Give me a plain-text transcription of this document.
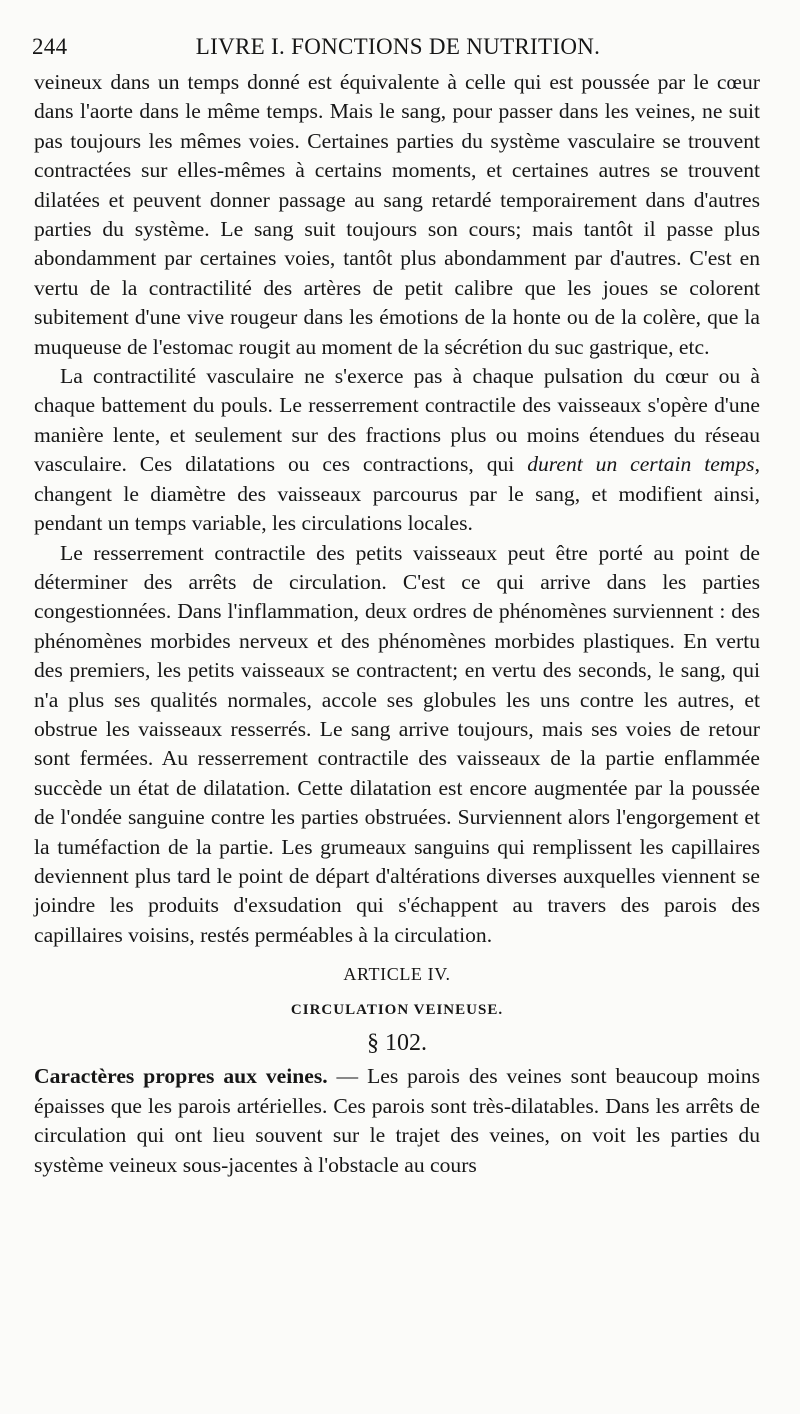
244	LIVRE I. FONCTIONS DE NUTRITION.

veineux dans un temps donné est équivalente à celle qui est poussée par le cœur dans l'aorte dans le même temps. Mais le sang, pour passer dans les veines, ne suit pas toujours les mêmes voies. Certaines parties du système vasculaire se trouvent contractées sur elles-mêmes à certains moments, et certaines autres se trouvent dilatées et peuvent donner passage au sang retardé temporairement dans d'autres parties du système. Le sang suit toujours son cours; mais tantôt il passe plus abondamment par certaines voies, tantôt plus abondamment par d'autres. C'est en vertu de la contractilité des artères de petit calibre que les joues se colorent subitement d'une vive rougeur dans les émotions de la honte ou de la colère, que la muqueuse de l'estomac rougit au moment de la sécrétion du suc gastrique, etc.

La contractilité vasculaire ne s'exerce pas à chaque pulsation du cœur ou à chaque battement du pouls. Le resserrement contractile des vaisseaux s'opère d'une manière lente, et seulement sur des fractions plus ou moins étendues du réseau vasculaire. Ces dilatations ou ces contractions, qui durent un certain temps, changent le diamètre des vaisseaux parcourus par le sang, et modifient ainsi, pendant un temps variable, les circulations locales.

Le resserrement contractile des petits vaisseaux peut être porté au point de déterminer des arrêts de circulation. C'est ce qui arrive dans les parties congestionnées. Dans l'inflammation, deux ordres de phénomènes surviennent : des phénomènes morbides nerveux et des phénomènes morbides plastiques. En vertu des premiers, les petits vaisseaux se contractent; en vertu des seconds, le sang, qui n'a plus ses qualités normales, accole ses globules les uns contre les autres, et obstrue les vaisseaux resserrés. Le sang arrive toujours, mais ses voies de retour sont fermées. Au resserrement contractile des vaisseaux de la partie enflammée succède un état de dilatation. Cette dilatation est encore augmentée par la poussée de l'ondée sanguine contre les parties obstruées. Surviennent alors l'engorgement et la tuméfaction de la partie. Les grumeaux sanguins qui remplissent les capillaires deviennent plus tard le point de départ d'altérations diverses auxquelles viennent se joindre les produits d'exsudation qui s'échappent au travers des parois des capillaires voisins, restés perméables à la circulation.

ARTICLE IV.
CIRCULATION VEINEUSE.
§ 102.

Caractères propres aux veines. — Les parois des veines sont beaucoup moins épaisses que les parois artérielles. Ces parois sont très-dilatables. Dans les arrêts de circulation qui ont lieu souvent sur le trajet des veines, on voit les parties du système veineux sous-jacentes à l'obstacle au cours
